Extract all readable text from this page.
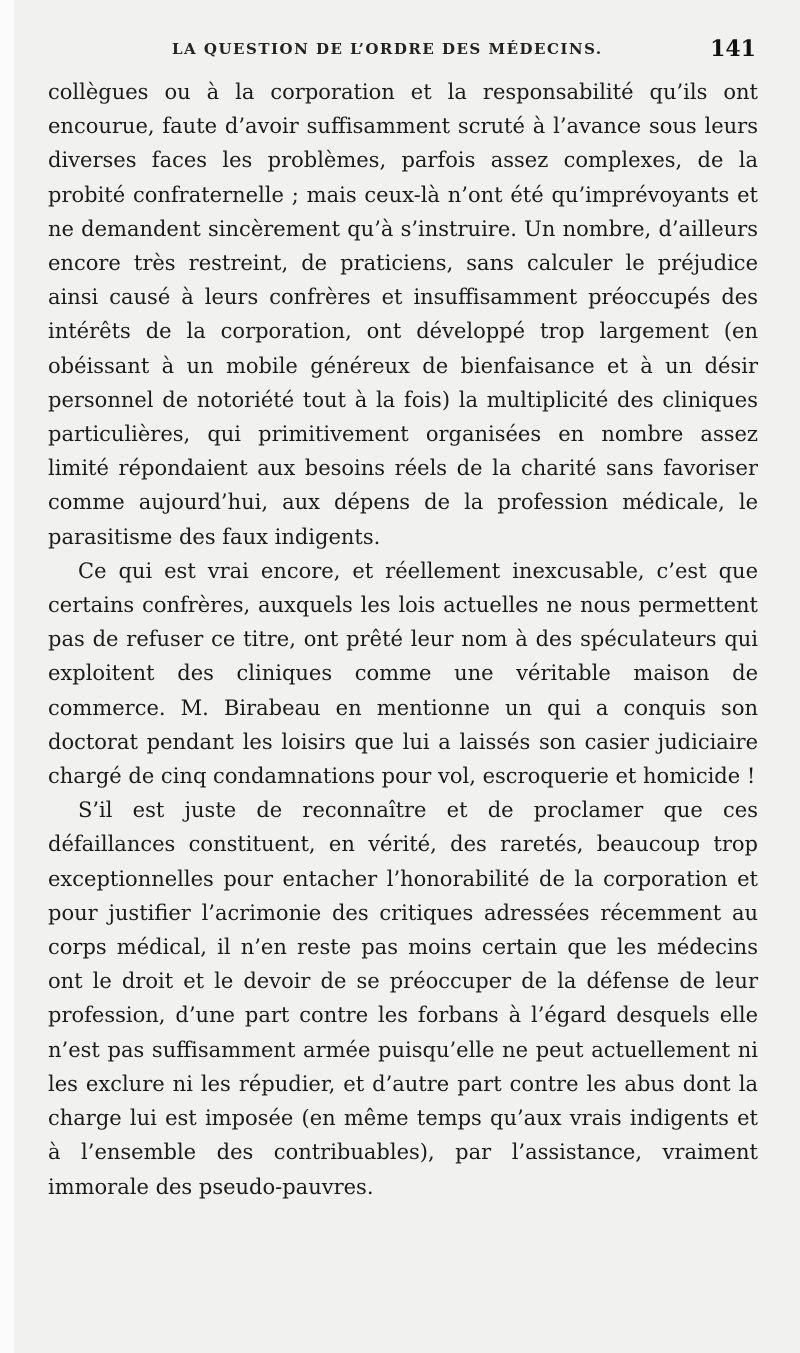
LA QUESTION DE L’ORDRE DES MÉDECINS.	141

collègues ou à la corporation et la responsabilité qu’ils ont encourue, faute d’avoir suffisamment scruté à l’avance sous leurs diverses faces les problèmes, parfois assez complexes, de la probité confraternelle ; mais ceux-là n’ont été qu’imprévoyants et ne demandent sincèrement qu’à s’instruire. Un nombre, d’ailleurs encore très restreint, de praticiens, sans calculer le préjudice ainsi causé à leurs confrères et insuffisamment préoccupés des intérêts de la corporation, ont développé trop largement (en obéissant à un mobile généreux de bienfaisance et à un désir personnel de notoriété tout à la fois) la multiplicité des cliniques particulières, qui primitivement organisées en nombre assez limité répondaient aux besoins réels de la charité sans favoriser comme aujourd’hui, aux dépens de la profession médicale, le parasitisme des faux indigents.

Ce qui est vrai encore, et réellement inexcusable, c’est que certains confrères, auxquels les lois actuelles ne nous permettent pas de refuser ce titre, ont prêté leur nom à des spéculateurs qui exploitent des cliniques comme une véritable maison de commerce. M. Birabeau en mentionne un qui a conquis son doctorat pendant les loisirs que lui a laissés son casier judiciaire chargé de cinq condamnations pour vol, escroquerie et homicide !

S’il est juste de reconnaître et de proclamer que ces défaillances constituent, en vérité, des raretés, beaucoup trop exceptionnelles pour entacher l’honorabilité de la corporation et pour justifier l’acrimonie des critiques adressées récemment au corps médical, il n’en reste pas moins certain que les médecins ont le droit et le devoir de se préoccuper de la défense de leur profession, d’une part contre les forbans à l’égard desquels elle n’est pas suffisamment armée puisqu’elle ne peut actuellement ni les exclure ni les répudier, et d’autre part contre les abus dont la charge lui est imposée (en même temps qu’aux vrais indigents et à l’ensemble des contribuables), par l’assistance, vraiment immorale des pseudo-pauvres.
